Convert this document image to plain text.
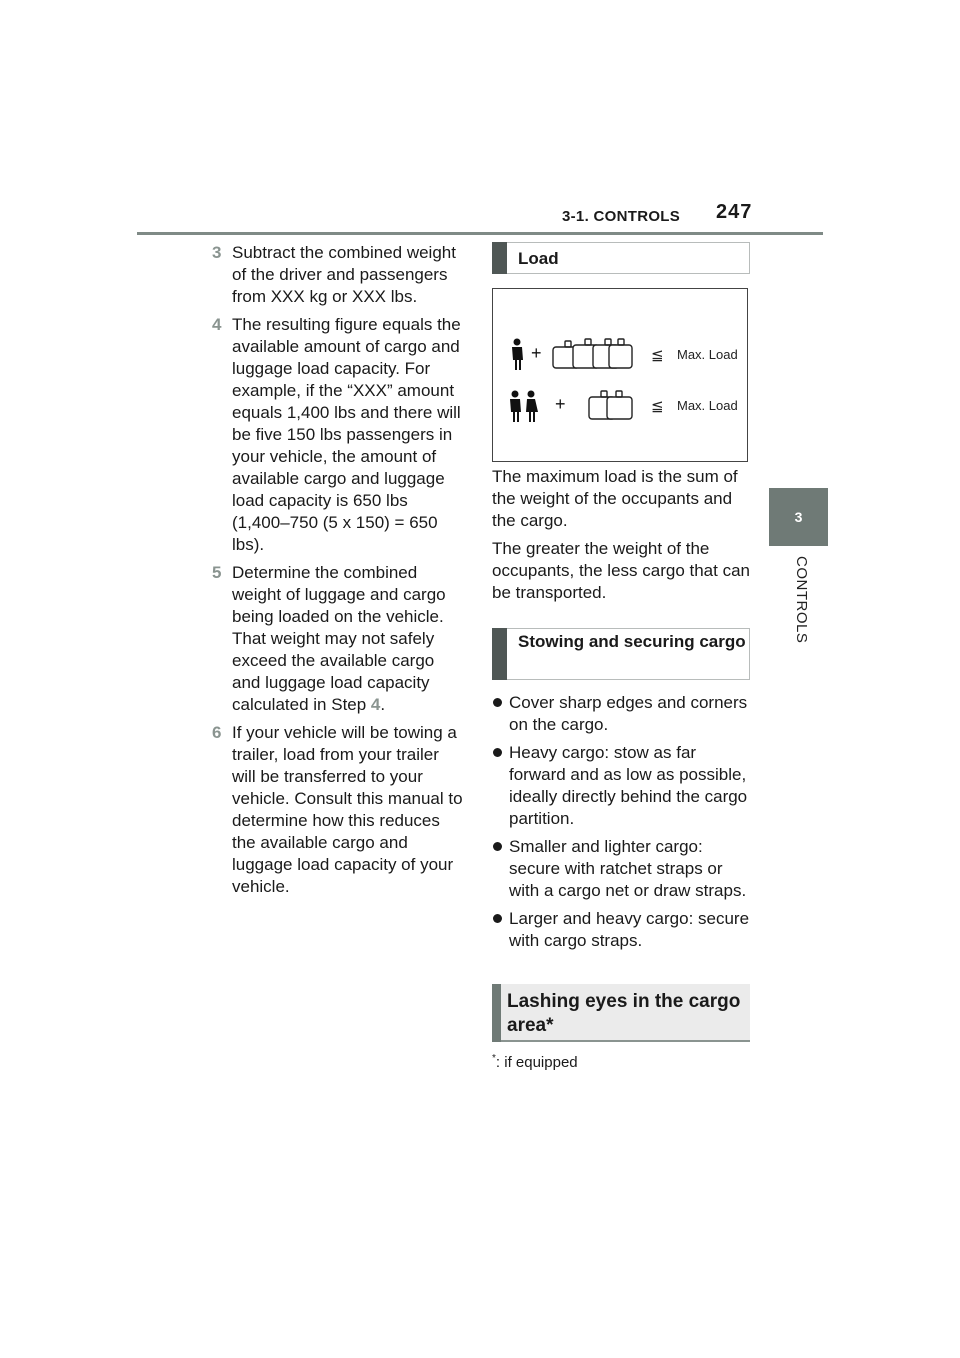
3-1. CONTROLS 247
3
CONTROLS
3 Subtract the combined weight of the driver and passengers from XXX kg or XXX lbs.
4 The resulting figure equals the available amount of cargo and luggage load capacity. For example, if the “XXX” amount equals 1,400 lbs and there will be five 150 lbs passengers in your vehicle, the amount of available cargo and luggage load capacity is 650 lbs (1,400–750 (5 x 150) = 650 lbs).
5 Determine the combined weight of luggage and cargo being loaded on the vehicle. That weight may not safely exceed the available cargo and luggage load capacity calculated in Step 4.
6 If your vehicle will be towing a trailer, load from your trailer will be transferred to your vehicle. Consult this manual to determine how this reduces the available cargo and luggage load capacity of your vehicle.
Load
+	≦ Max. Load
+	≦ Max. Load

The maximum load is the sum of the weight of the occupants and the cargo.

The greater the weight of the occupants, the less cargo that can be transported.

Stowing and securing cargo
Cover sharp edges and corners on the cargo.
Heavy cargo: stow as far forward and as low as possible, ideally directly behind the cargo partition.
Smaller and lighter cargo: secure with ratchet straps or with a cargo net or draw straps.
Larger and heavy cargo: secure with cargo straps.
Lashing eyes in the cargo area*
*: if equipped
